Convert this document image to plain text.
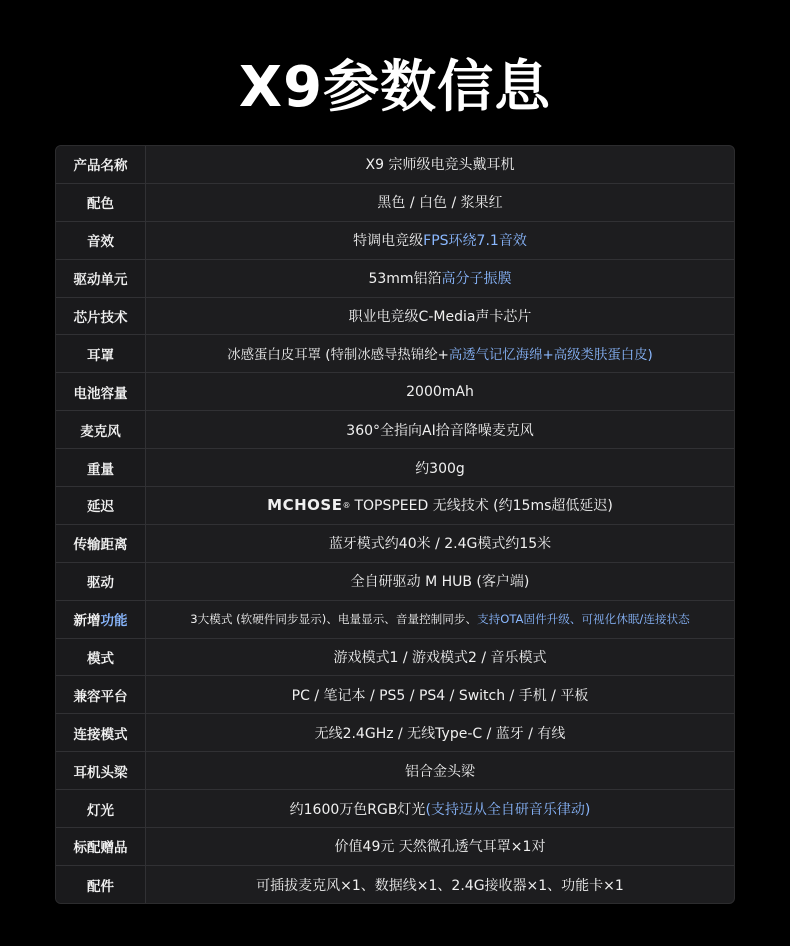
X9参数信息
产品名称	X9 宗师级电竞头戴耳机
配色	黑色 / 白色 / 浆果红
音效	特调电竞级 FPS环绕7.1音效
驱动单元	53mm铝箔 高分子振膜
芯片技术	职业电竞级C-Media声卡芯片
耳罩	冰感蛋白皮耳罩 (特制冰感导热锦纶+ 高透气记忆海绵+高级类肤蛋白皮)
电池容量	2000mAh
麦克风	360°全指向AI拾音降噪麦克风
重量	约300g
延迟	MCHOSE ® TOPSPEED 无线技术 (约15ms超低延迟)
传输距离	蓝牙模式约40米 / 2.4G模式约15米
驱动	全自研驱动 M HUB (客户端)
新增 功能	3大模式 (软硬件同步显示)、电量显示、音量控制同步、 支持OTA固件升级、可视化休眠/连接状态
模式	游戏模式1 / 游戏模式2 / 音乐模式
兼容平台	PC / 笔记本 / PS5 / PS4 / Switch / 手机 / 平板
连接模式	无线2.4GHz / 无线Type-C / 蓝牙 / 有线
耳机头梁	铝合金头梁
灯光	约1600万色RGB灯光 (支持迈从全自研音乐律动)
标配赠品	价值49元 天然微孔透气耳罩×1对
配件	可插拔麦克风×1、数据线×1、2.4G接收器×1、功能卡×1
